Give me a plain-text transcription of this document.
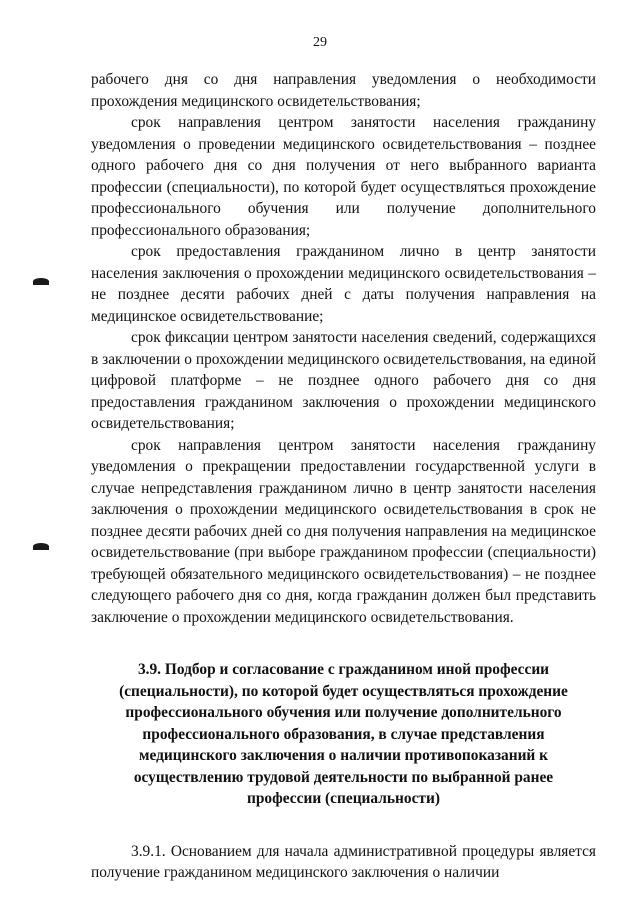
29

рабочего дня со дня направления уведомления о необходимости прохождения медицинского освидетельствования;

срок направления центром занятости населения гражданину уведомления о проведении медицинского освидетельствования – позднее одного рабочего дня со дня получения от него выбранного варианта профессии (специальности), по которой будет осуществляться прохождение профессионального обучения или получение дополнительного профессионального образования;

срок предоставления гражданином лично в центр занятости населения заключения о прохождении медицинского освидетельствования – не позднее десяти рабочих дней с даты получения направления на медицинское освидетельствование;

срок фиксации центром занятости населения сведений, содержащихся в заключении о прохождении медицинского освидетельствования, на единой цифровой платформе – не позднее одного рабочего дня со дня предоставления гражданином заключения о прохождении медицинского освидетельствования;

срок направления центром занятости населения гражданину уведомления о прекращении предоставлении государственной услуги в случае непредставления гражданином лично в центр занятости населения заключения о прохождении медицинского освидетельствования в срок не позднее десяти рабочих дней со дня получения направления на медицинское освидетельствование (при выборе гражданином профессии (специальности) требующей обязательного медицинского освидетельствования) – не позднее следующего рабочего дня со дня, когда гражданин должен был представить заключение о прохождении медицинского освидетельствования.

3.9. Подбор и согласование с гражданином иной профессии (специальности), по которой будет осуществляться прохождение профессионального обучения или получение дополнительного профессионального образования, в случае представления медицинского заключения о наличии противопоказаний к осуществлению трудовой деятельности по выбранной ранее профессии (специальности)

3.9.1. Основанием для начала административной процедуры является получение гражданином медицинского заключения о наличии
